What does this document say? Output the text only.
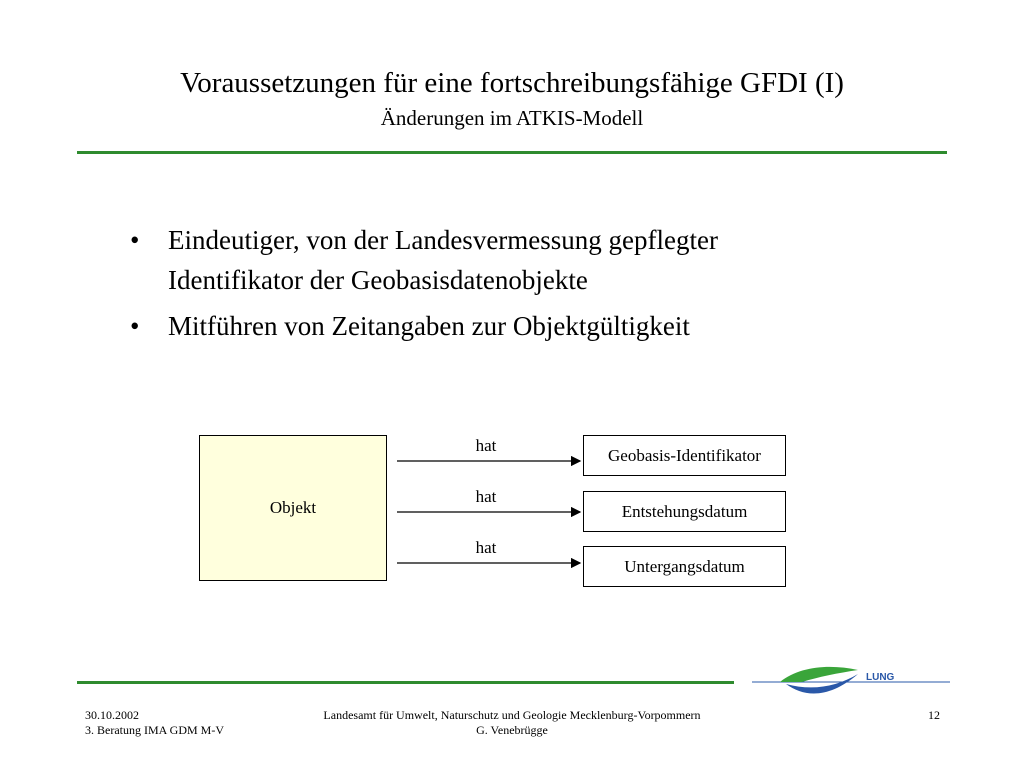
Voraussetzungen für eine fortschreibungsfähige GFDI (I)
Änderungen im ATKIS-Modell
• Eindeutiger, von der Landesvermessung gepflegter
Identifikator der Geobasisdatenobjekte
• Mitführen von Zeitangaben zur Objektgültigkeit
Objekt
hat
hat
hat
Geobasis-Identifikator
Entstehungsdatum
Untergangsdatum
LUNG
30.10.2002
3. Beratung IMA GDM M-V
Landesamt für Umwelt, Naturschutz und Geologie Mecklenburg-Vorpommern
G. Venebrügge
12
